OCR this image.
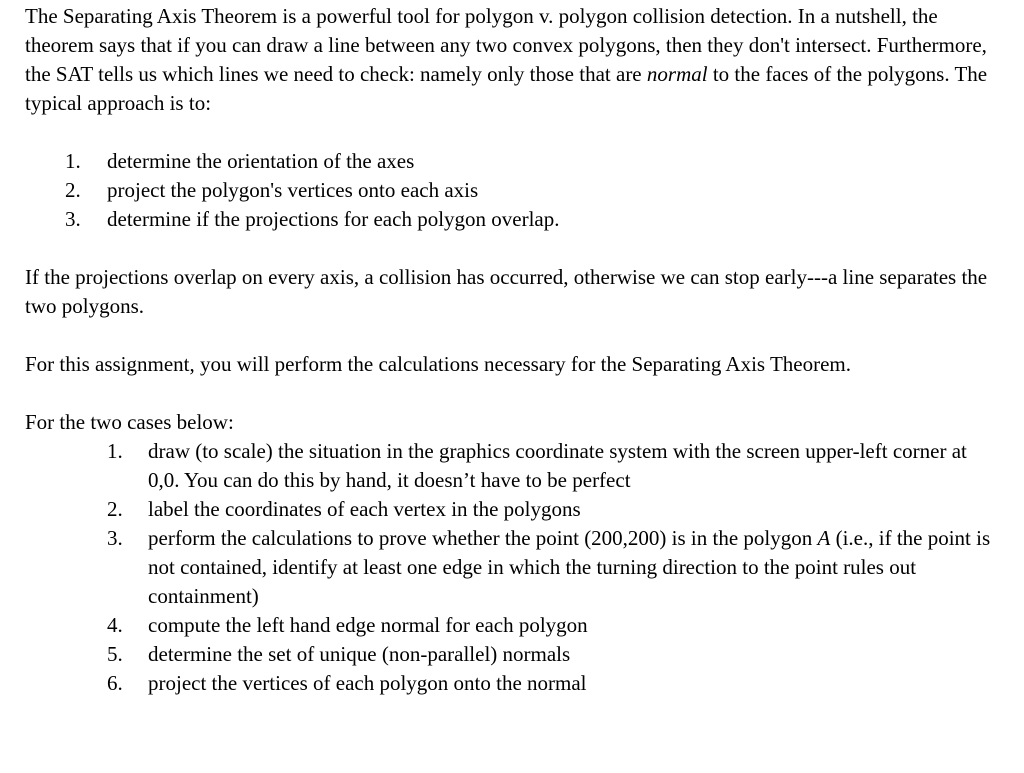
The Separating Axis Theorem is a powerful tool for polygon v. polygon collision detection. In a nutshell, the theorem says that if you can draw a line between any two convex polygons, then they don't intersect. Furthermore, the SAT tells us which lines we need to check: namely only those that are normal to the faces of the polygons. The typical approach is to:

1.	determine the orientation of the axes
2.	project the polygon's vertices onto each axis
3.	determine if the projections for each polygon overlap.

If the projections overlap on every axis, a collision has occurred, otherwise we can stop early---a line separates the two polygons.

For this assignment, you will perform the calculations necessary for the Separating Axis Theorem.

For the two cases below:

1.	draw (to scale) the situation in the graphics coordinate system with the screen upper-left corner at 0,0. You can do this by hand, it doesn’t have to be perfect
2.	label the coordinates of each vertex in the polygons
3.	perform the calculations to prove whether the point (200,200) is in the polygon A (i.e., if the point is not contained, identify at least one edge in which the turning direction to the point rules out containment)
4.	compute the left hand edge normal for each polygon
5.	determine the set of unique (non-parallel) normals
6.	project the vertices of each polygon onto the normal
